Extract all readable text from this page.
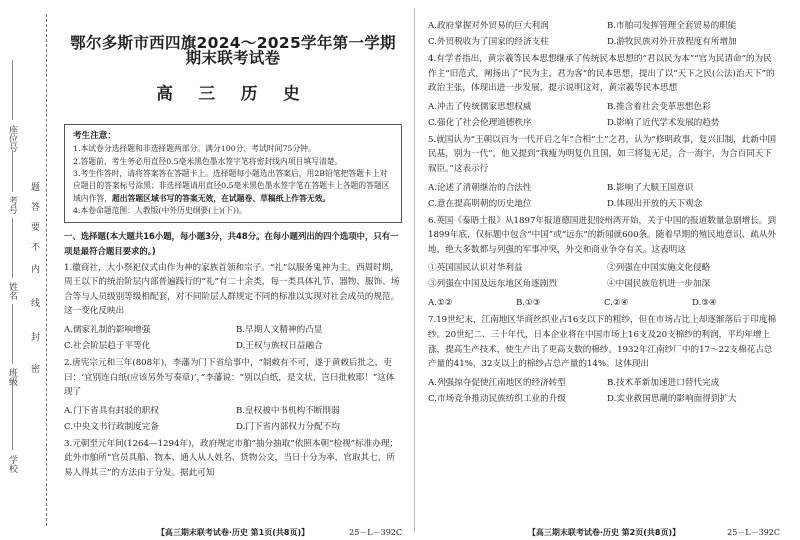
学校
班级
姓名
考号
座位号
题
答
要
不
内
线
封
密
鄂尔多斯市西四旗2024～2025学年第一学期期末联考试卷
高 三 历 史
考生注意：
1.本试卷分选择题和非选择题两部分。满分100分，考试时间75分钟。
2.答题前，考生务必用直径0.5毫米黑色墨水签字笔将密封线内项目填写清楚。
3.考生作答时，请将答案答在答题卡上。选择题每小题选出答案后，用2B铅笔把答题卡上对应题目的答案标号涂黑；非选择题请用直径0.5毫米黑色墨水签字笔在答题卡上各题的答题区域内作答，超出答题区域书写的答案无效，在试题卷、草稿纸上作答无效。
4.本卷命题范围：人教版(中外历史纲要(上)(下))。
一、选择题(本大题共16小题，每小题3分，共48分。在每小题列出的四个选项中，只有一项是最符合题目要求的。)
1.徽商社，大小祭祀仪式由作为神的家族首领和宗子。“礼”以服务鬼神为主。西周时期，周王以下的统治阶层内部普遍践行的“礼”有二十余类，每一类具体礼节、器物、服饰、场合等与人员级别等级相配套，对不同阶层人群规定不同的标准以实现对社会成员的规范。这一变化反映出
A.儒家礼制的影响增强	B.早期人文精神的凸显
C.社会阶层趋于平等化	D.王权与族权日益融合
2.唐宪宗元和三年(808年)，李藩为门下省给事中，“制敕有不可，遂于黄敕后批之，吏曰：‘宜别连白纸(应该另外写奏章)’，”李藩说：“别以白纸，是文状，岂曰批敕耶！”这体现了
A.门下省具有封驳的职权	B.皇权被中书机构不断削弱
C.中央文书行政制度完备	D.门下省内部权力分配不均
3.元朝至元年间(1264—1294年)，政府规定市舶“抽分抽取”依照本朝“检视”标准办理；此外市舶所“官员具船、物本、通人从人姓名、货物公文，当日十分为率，官取其七，所易人得其三”的方法由于分发。据此可知
【高三期末联考试卷·历史 第1页(共8页)】	25－L－392C
A.政府掌握对外贸易的巨大利润	B.市舶司发挥管理全套贸易的职能
C.外贸税收为了国家的经济支柱	D.游牧民族对外开放程度有所增加
4.有学者指出，黄宗羲等民本思想继承了传统民本思想的“君以民为本”“官为民请命”的为民作主“旧范式，阐扬出了“民为主，君为客”的民本思想，提出了以“天下之民(公法)治天下”的政治主张，体现出进一步发展，提示说明这对，黄宗羲等民本思想
A.冲击了传统儒家思想权威	B.推含着社会变革思想色彩
C.强化了社会伦理道德秩序	D.影响了近代学术发展的趋势
5.就国认为“王朝以百为一代开启之年”合相“土”之君，认为“修明政事，复兴旧制，此新中国民基，别为一代”，他又提到“我瘦为明复仇且国，如三将复无足，合一海宇，为合百同天下叙臣。”这表示行
A.论述了清朝继治的合法性	B.影响了大顺王国意识
C.意在提高明朝的历史地位	D.体现出开放的天下观念
6.英国《泰晤士报》从1897年报道德国进犯胶州湾开始，关于中国的报道数量急剧增长。到1899年底，仅标题中包含“中国”或“远东”的新闻就600条。随着早期的殖民地意识、疏从外地，绝大多数都与列强的军事冲突，外交和商业争夺有关。这表明这
①英国国民认识对华利益	②列强在中国实施文化侵略
③列强在中国及远东地区角逐剧烈	④中国民族危机进一步加深
A.①②	B.①③	C.②④	D.③④
7.19世纪末，江南地区华商丝织业占16支以下的粗纱，但在市场占比上却逐渐落后于印度棉纱。20世纪二、三十年代，日本企业将在中国市场上16支及20支棉纱的利润，平均年增上涨，提高生产技术，使生产出了更高支数的棉纱。1932年江南纱厂中的17～22支棉花占总产量的41%，32支以上的棉纱占总产量的14%。这体现出
A.列强掠夺促使江南地区的经济转型	B.技术革新加速进口替代完成
C.市场竞争推动民族纺织工业的升级	D.实业救国思潮的影响面得到扩大
【高三期末联考试卷·历史 第2页(共8页)】	25－L－392C
